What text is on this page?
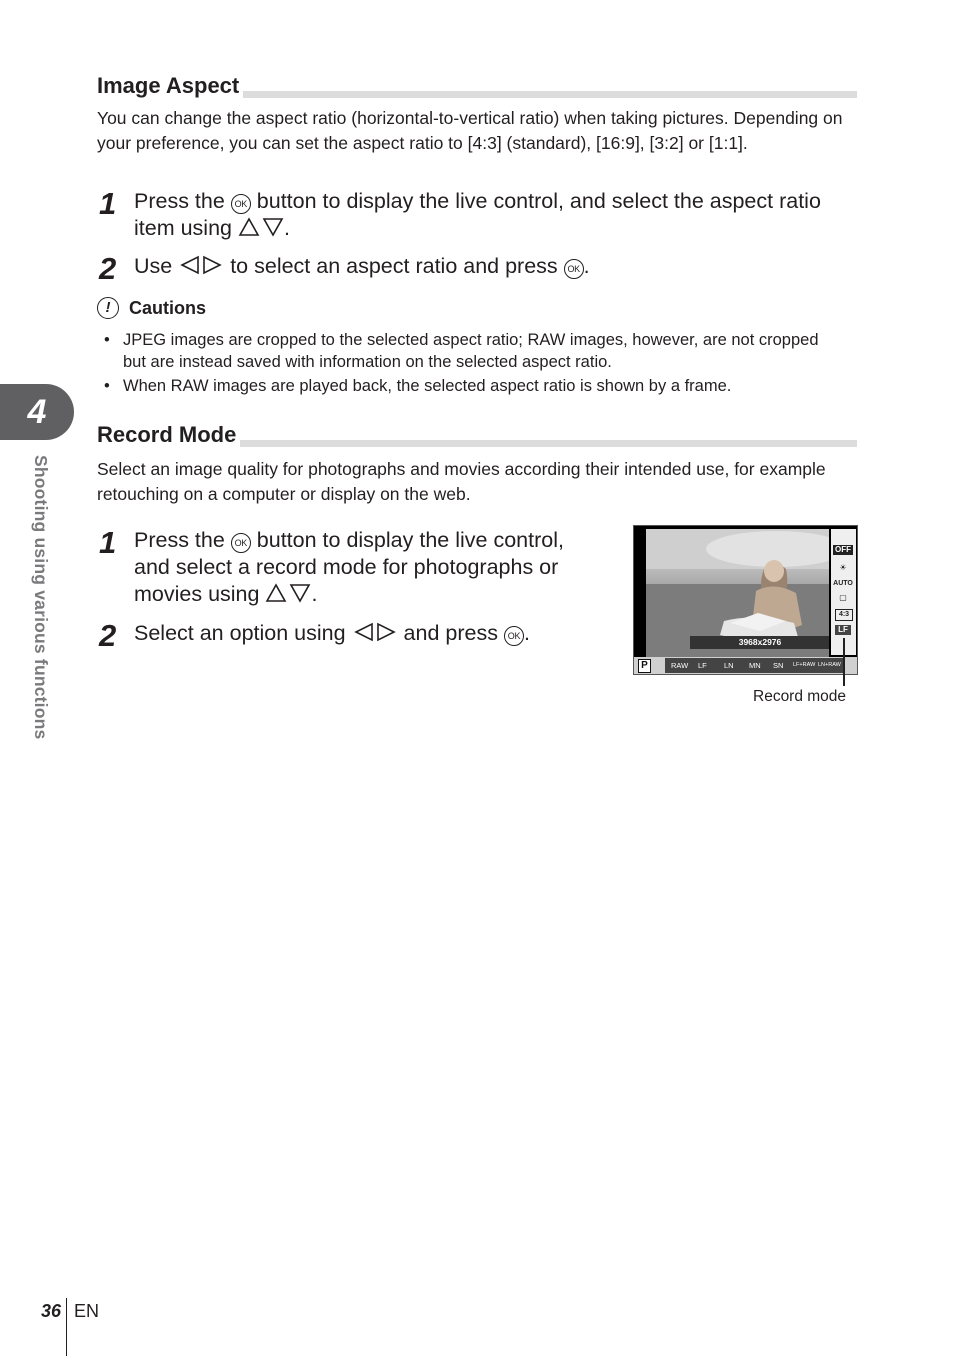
Image Aspect
You can change the aspect ratio (horizontal-to-vertical ratio) when taking pictures. Depending on your preference, you can set the aspect ratio to [4:3] (standard), [16:9], [3:2] or [1:1].
1 Press the OK button to display the live control, and select the aspect ratio item using .
2 Use	to select an aspect ratio and press OK .
! Cautions
• JPEG images are cropped to the selected aspect ratio; RAW images, however, are not cropped but are instead saved with information on the selected aspect ratio.
• When RAW images are played back, the selected aspect ratio is shown by a frame.
4
Shooting using various functions
Record Mode
Select an image quality for photographs and movies according their intended use, for example retouching on a computer or display on the web.
1 Press the OK button to display the live control,
and select a record mode for photographs or
movies using .
2 Select an option using	and press OK .	3968x2976
OFF
☀
AUTO
▢
4:3
LF
P	RAW LF LN MN SN LF+RAW LN+RAW
Record mode
36 EN
